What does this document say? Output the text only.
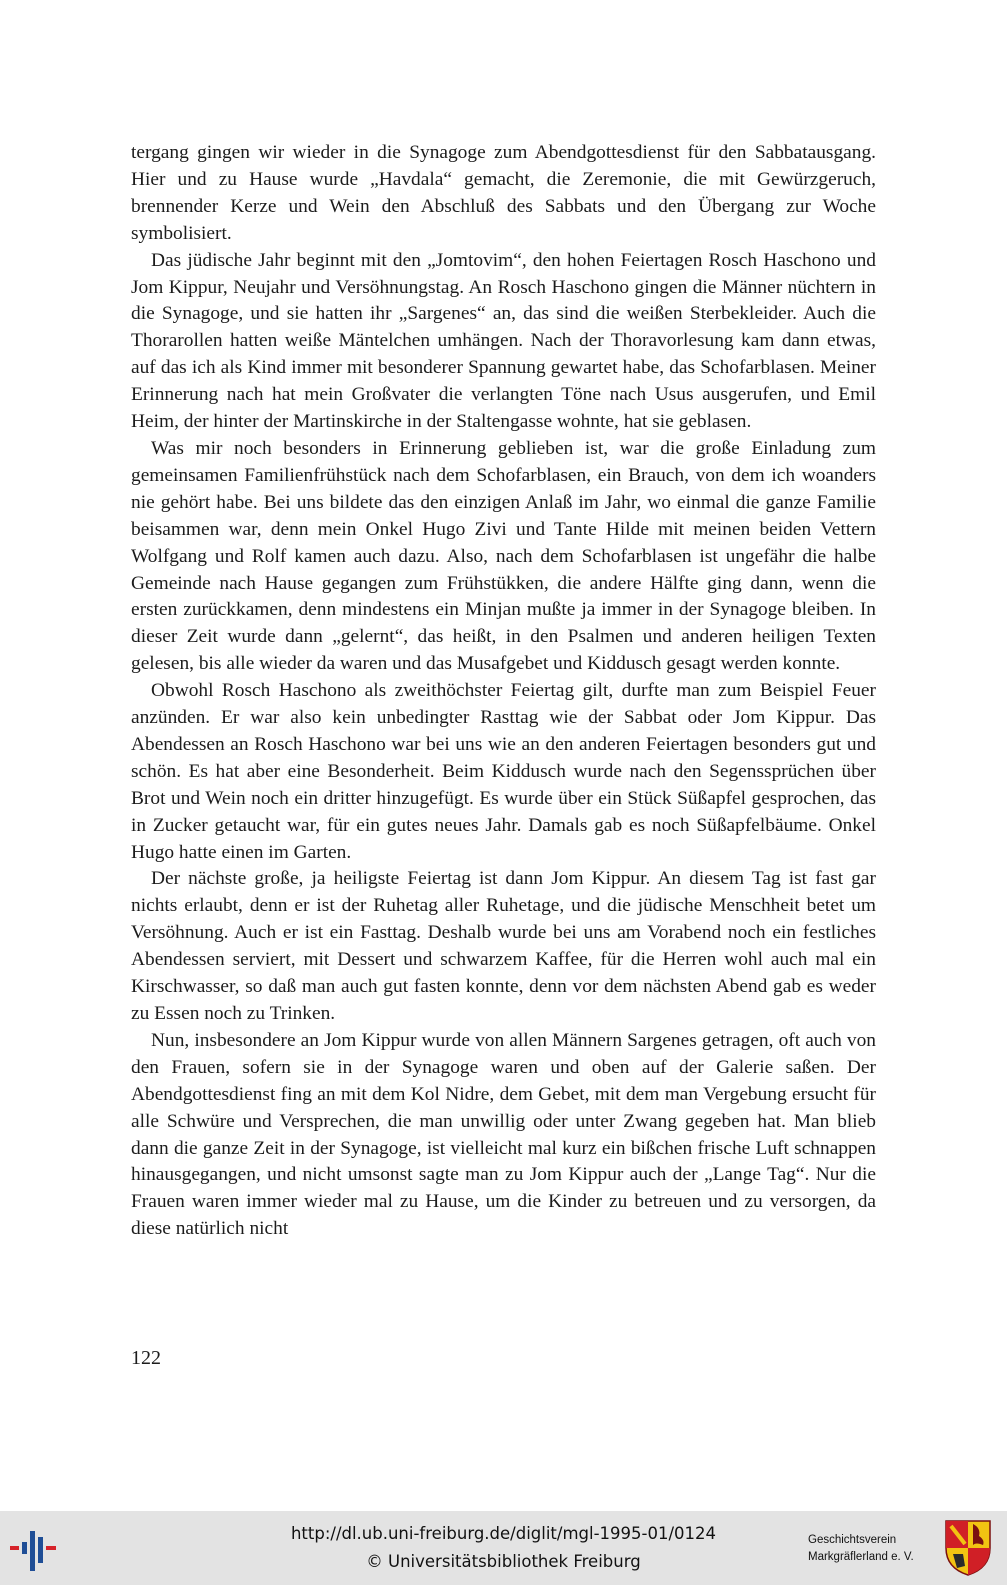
tergang gingen wir wieder in die Synagoge zum Abendgottesdienst für den Sabbatausgang. Hier und zu Hause wurde „Havdala“ gemacht, die Zeremonie, die mit Gewürzgeruch, brennender Kerze und Wein den Abschluß des Sabbats und den Übergang zur Woche symbolisiert.

Das jüdische Jahr beginnt mit den „Jomtovim“, den hohen Feiertagen Rosch Haschono und Jom Kippur, Neujahr und Versöhnungstag. An Rosch Haschono gingen die Männer nüchtern in die Synagoge, und sie hatten ihr „Sargenes“ an, das sind die weißen Sterbekleider. Auch die Thorarollen hatten weiße Mäntelchen umhängen. Nach der Thoravorlesung kam dann etwas, auf das ich als Kind immer mit besonderer Spannung gewartet habe, das Schofarblasen. Meiner Erinnerung nach hat mein Großvater die verlangten Töne nach Usus ausgerufen, und Emil Heim, der hinter der Martinskirche in der Staltengasse wohnte, hat sie geblasen.

Was mir noch besonders in Erinnerung geblieben ist, war die große Einladung zum gemeinsamen Familienfrühstück nach dem Schofarblasen, ein Brauch, von dem ich woanders nie gehört habe. Bei uns bildete das den einzigen Anlaß im Jahr, wo einmal die ganze Familie beisammen war, denn mein Onkel Hugo Zivi und Tante Hilde mit meinen beiden Vettern Wolfgang und Rolf kamen auch dazu. Also, nach dem Schofarblasen ist ungefähr die halbe Gemeinde nach Hause gegangen zum Frühstükken, die andere Hälfte ging dann, wenn die ersten zurückkamen, denn mindestens ein Minjan mußte ja immer in der Synagoge bleiben. In dieser Zeit wurde dann „gelernt“, das heißt, in den Psalmen und anderen heiligen Texten gelesen, bis alle wieder da waren und das Musafgebet und Kiddusch gesagt werden konnte.

Obwohl Rosch Haschono als zweithöchster Feiertag gilt, durfte man zum Beispiel Feuer anzünden. Er war also kein unbedingter Rasttag wie der Sabbat oder Jom Kippur. Das Abendessen an Rosch Haschono war bei uns wie an den anderen Feiertagen besonders gut und schön. Es hat aber eine Besonderheit. Beim Kiddusch wurde nach den Segenssprüchen über Brot und Wein noch ein dritter hinzugefügt. Es wurde über ein Stück Süßapfel gesprochen, das in Zucker getaucht war, für ein gutes neues Jahr. Damals gab es noch Süßapfelbäume. Onkel Hugo hatte einen im Garten.

Der nächste große, ja heiligste Feiertag ist dann Jom Kippur. An diesem Tag ist fast gar nichts erlaubt, denn er ist der Ruhetag aller Ruhetage, und die jüdische Menschheit betet um Versöhnung. Auch er ist ein Fasttag. Deshalb wurde bei uns am Vorabend noch ein festliches Abendessen serviert, mit Dessert und schwarzem Kaffee, für die Herren wohl auch mal ein Kirschwasser, so daß man auch gut fasten konnte, denn vor dem nächsten Abend gab es weder zu Essen noch zu Trinken.

Nun, insbesondere an Jom Kippur wurde von allen Männern Sargenes getragen, oft auch von den Frauen, sofern sie in der Synagoge waren und oben auf der Galerie saßen. Der Abendgottesdienst fing an mit dem Kol Nidre, dem Gebet, mit dem man Vergebung ersucht für alle Schwüre und Versprechen, die man unwillig oder unter Zwang gegeben hat. Man blieb dann die ganze Zeit in der Synagoge, ist vielleicht mal kurz ein bißchen frische Luft schnappen hinausgegangen, und nicht umsonst sagte man zu Jom Kippur auch der „Lange Tag“. Nur die Frauen waren immer wieder mal zu Hause, um die Kinder zu betreuen und zu versorgen, da diese natürlich nicht

122
http://dl.ub.uni-freiburg.de/diglit/mgl-1995-01/0124
© Universitätsbibliothek Freiburg
Geschichtsverein
Markgräflerland e. V.
